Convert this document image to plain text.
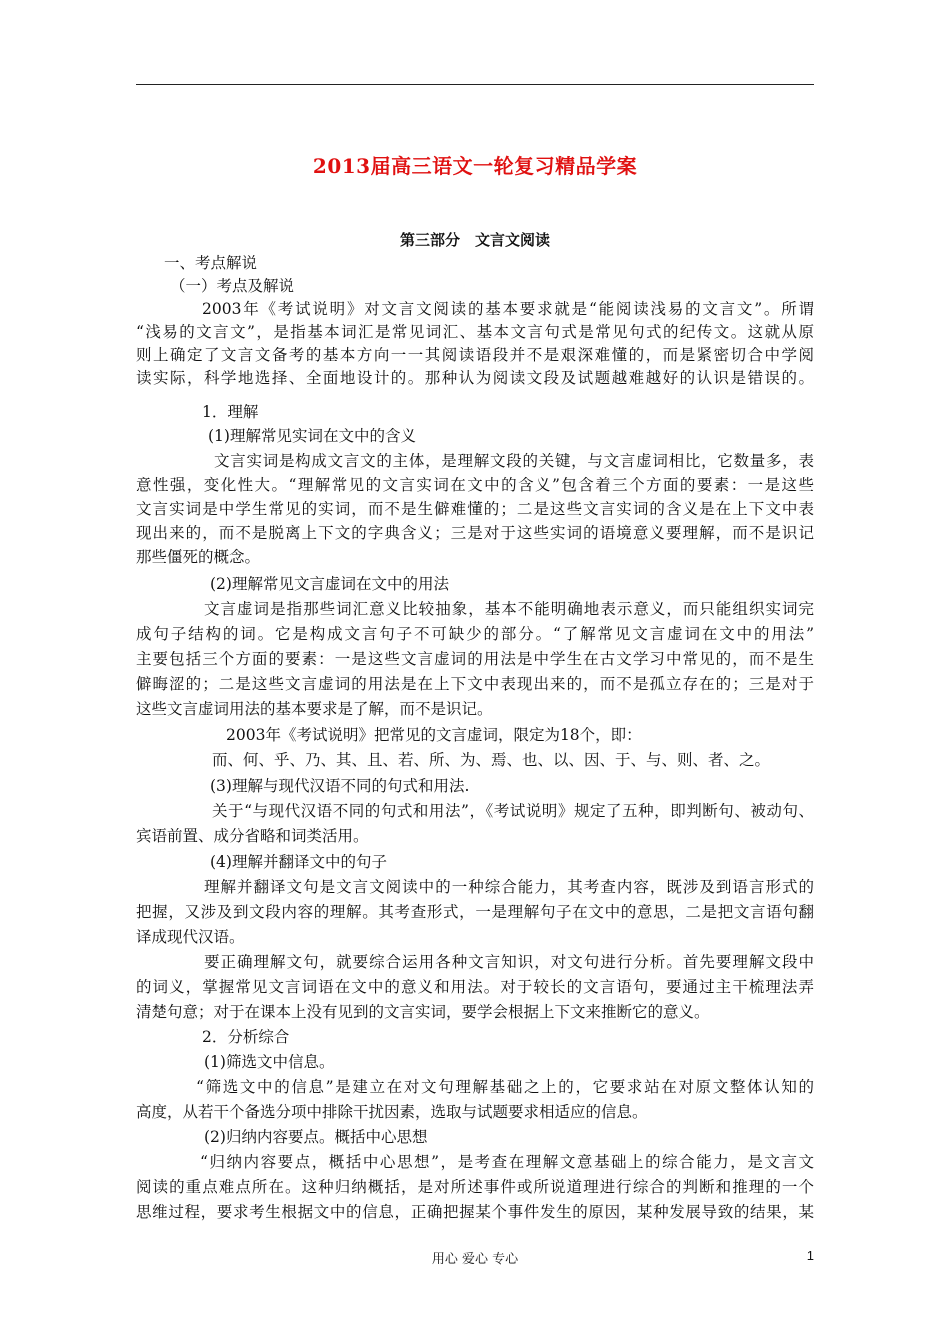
2013届高三语文一轮复习精品学案
第三部分　文言文阅读
一、考点解说
（一）考点及解说
2003年《考试说明》对文言文阅读的基本要求就是“能阅读浅易的文言文”。所谓
“浅易的文言文”，是指基本词汇是常见词汇、基本文言句式是常见句式的纪传文。这就从原
则上确定了文言文备考的基本方向一一其阅读语段并不是艰深难懂的，而是紧密切合中学阅
读实际，科学地选择、全面地设计的。那种认为阅读文段及试题越难越好的认识是错误的。
1．理解
(1)理解常见实词在文中的含义
文言实词是构成文言文的主体，是理解文段的关键，与文言虚词相比，它数量多，表
意性强，变化性大。“理解常见的文言实词在文中的含义”包含着三个方面的要素：一是这些
文言实词是中学生常见的实词，而不是生僻难懂的；二是这些文言实词的含义是在上下文中表
现出来的，而不是脱离上下文的字典含义；三是对于这些实词的语境意义要理解，而不是识记
那些僵死的概念。
(2)理解常见文言虚词在文中的用法
文言虚词是指那些词汇意义比较抽象，基本不能明确地表示意义，而只能组织实词完
成句子结构的词。它是构成文言句子不可缺少的部分。“了解常见文言虚词在文中的用法”
主要包括三个方面的要素：一是这些文言虚词的用法是中学生在古文学习中常见的，而不是生
僻晦涩的；二是这些文言虚词的用法是在上下文中表现出来的，而不是孤立存在的；三是对于
这些文言虚词用法的基本要求是了解，而不是识记。
2003年《考试说明》把常见的文言虚词，限定为18个，即：
而、何、乎、乃、其、且、若、所、为、焉、也、以、因、于、与、则、者、之。
(3)理解与现代汉语不同的句式和用法.
关于“与现代汉语不同的句式和用法”，《考试说明》规定了五种，即判断句、被动句、
宾语前置、成分省略和词类活用。
(4)理解并翻译文中的句子
理解并翻译文句是文言文阅读中的一种综合能力，其考查内容，既涉及到语言形式的
把握，又涉及到文段内容的理解。其考查形式，一是理解句子在文中的意思，二是把文言语句翻
译成现代汉语。
要正确理解文句，就要综合运用各种文言知识，对文句进行分析。首先要理解文段中
的词义，掌握常见文言词语在文中的意义和用法。对于较长的文言语句，要通过主干梳理法弄
清楚句意；对于在课本上没有见到的文言实词，要学会根据上下文来推断它的意义。
2．分析综合
(1)筛选文中信息。
“筛选文中的信息”是建立在对文句理解基础之上的，它要求站在对原文整体认知的
高度，从若干个备选分项中排除干扰因素，选取与试题要求相适应的信息。
(2)归纳内容要点。概括中心思想
“归纳内容要点，概括中心思想”，是考查在理解文意基础上的综合能力，是文言文
阅读的重点难点所在。这种归纳概括，是对所述事件或所说道理进行综合的判断和推理的一个
思维过程，要求考生根据文中的信息，正确把握某个事件发生的原因，某种发展导致的结果，某
用心 爱心 专心	1
